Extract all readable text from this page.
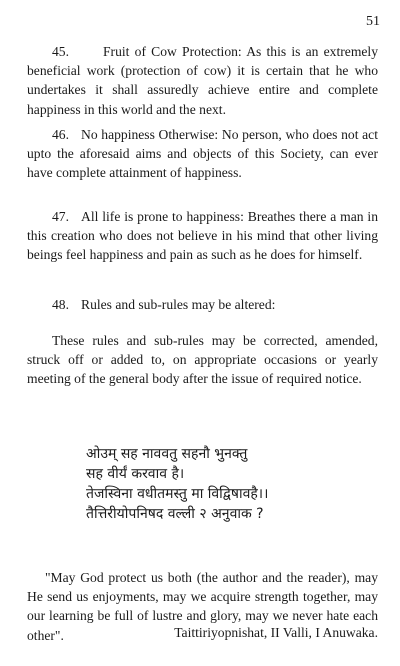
51

45.	Fruit of Cow Protection: As this is an extremely beneficial work (protection of cow) it is certain that he who undertakes it shall assuredly achieve entire and complete happiness in this world and the next.

46. No happiness Otherwise: No person, who does not act upto the aforesaid aims and objects of this Society, can ever have complete attainment of happiness.

47. All life is prone to happiness: Breathes there a man in this creation who does not believe in his mind that other living beings feel happiness and pain as such as he does for himself.

48. Rules and sub-rules may be altered:

These rules and sub-rules may be corrected, amended, struck off or added to, on appropriate occasions or yearly meeting of the general body after the issue of required notice.

ओउम् सह नाववतु सहनौ भुनक्तु
सह वीर्यं करवाव है।
तेजस्विना वधीतमस्तु मा विद्विषावहै।।
तैत्तिरीयोपनिषद वल्ली २ अनुवाक ?

"May God protect us both (the author and the reader), may He send us enjoyments, may we acquire strength together, may our learning be full of lustre and glory, may we never hate each other".	Taittiriyopnishat, II Valli, I Anuwaka.
